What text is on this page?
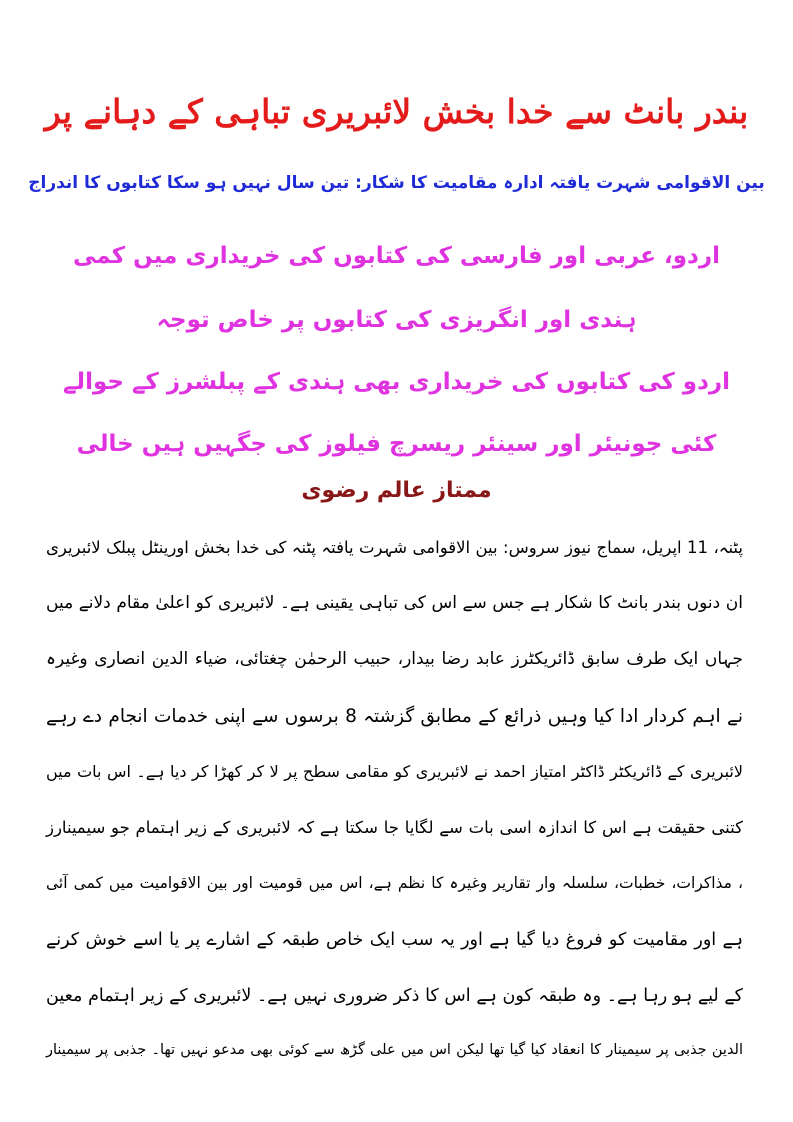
بندر بانٹ سے خدا بخش لائبریری تباہی کے دہانے پر
بین الاقوامی شہرت یافتہ ادارہ مقامیت کا شکار: تین سال نہیں ہو سکا کتابوں کا اندراج
اردو، عربی اور فارسی کی کتابوں کی خریداری میں کمی
ہندی اور انگریزی کی کتابوں پر خاص توجہ
اردو کی کتابوں کی خریداری بھی ہندی کے پبلشرز کے حوالے
کئی جونیئر اور سینئر ریسرچ فیلوز کی جگہیں ہیں خالی
ممتاز عالم رضوی
پٹنہ، 11 اپریل، سماج نیوز سروس: بین الاقوامی شہرت یافتہ پٹنہ کی خدا بخش اورینٹل پبلک لائبریری
ان دنوں بندر بانٹ کا شکار ہے جس سے اس کی تباہی یقینی ہے۔ لائبریری کو اعلیٰ مقام دلانے میں
جہاں ایک طرف سابق ڈائریکٹرز عابد رضا بیدار، حبیب الرحمٰن چغتائی، ضیاء الدین انصاری وغیرہ
نے اہم کردار ادا کیا وہیں ذرائع کے مطابق گزشتہ 8 برسوں سے اپنی خدمات انجام دے رہے
لائبریری کے ڈائریکٹر ڈاکٹر امتیاز احمد نے لائبریری کو مقامی سطح پر لا کر کھڑا کر دیا ہے۔ اس بات میں
کتنی حقیقت ہے اس کا اندازہ اسی بات سے لگایا جا سکتا ہے کہ لائبریری کے زیر اہتمام جو سیمینارز
، مذاکرات، خطبات، سلسلہ وار تقاریر وغیرہ کا نظم ہے، اس میں قومیت اور بین الاقوامیت میں کمی آئی
ہے اور مقامیت کو فروغ دیا گیا ہے اور یہ سب ایک خاص طبقہ کے اشارے پر یا اسے خوش کرنے
کے لیے ہو رہا ہے۔ وہ طبقہ کون ہے اس کا ذکر ضروری نہیں ہے۔ لائبریری کے زیر اہتمام معین
الدین جذبی پر سیمینار کا انعقاد کیا گیا تھا لیکن اس میں علی گڑھ سے کوئی بھی مدعو نہیں تھا۔ جذبی پر سیمینار
